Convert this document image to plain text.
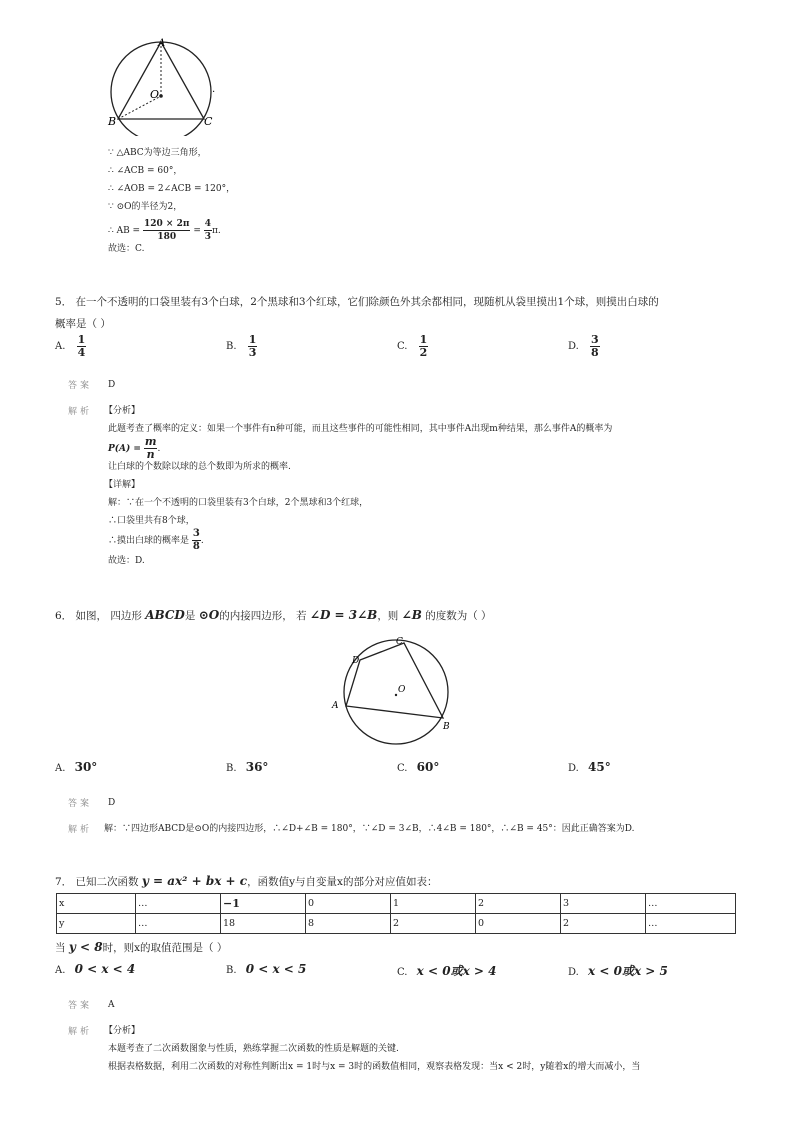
A
O
B	C
.
∵ △ABC为等边三角形，
∴ ∠ACB = 60°，
∴ ∠AOB = 2∠ACB = 120°，
∵ ⊙O的半径为2，
∴ AB = $\frac{120 \times 2\pi}{180} = \frac{4}{3} \pi$.
故选：C.
5． 在一个不透明的口袋里装有3个白球，2个黑球和3个红球，它们除颜色外其余都相同，现随机从袋里摸出1个球，则摸出白球的
概率是（ ）
A. $\frac{1}{4}$	B. $\frac{1}{3}$	C. $\frac{1}{2}$	D. $\frac{3}{8}$
答案 D
解析 【分析】
此题考查了概率的定义：如果一个事件有n种可能，而且这些事件的可能性相同，其中事件A出现m种结果，那么事件A的概率为
$P(A) = \frac{m}{n}$ .
让白球的个数除以球的总个数即为所求的概率.
【详解】
解：∵在一个不透明的口袋里装有3个白球，2个黑球和3个红球，
∴口袋里共有8个球，
∴摸出白球的概率是 $\frac{3}{8}$ .
故选：D.
6． 如图， 四边形 ABCD是 ⊙O的内接四边形， 若 ∠D = 3∠B，则 ∠B 的度数为（ ）
A
B
C
D
O
A. 30°	B. 36°	C. 60°	D. 45°
答案 D
解析 解：∵四边形ABCD是⊙O的内接四边形，∴∠D+∠B = 180°，∵∠D = 3∠B，∴4∠B = 180°，∴∠B = 45°：因此正确答案为D.
7． 已知二次函数 y = ax² + bx + c，函数值y与自变量x的部分对应值如表：
x	…	−1	0	1	2	3	…
y	…	18	8	2	0	2	…
当 y < 8时，则x的取值范围是（ ）
A. 0 < x < 4	B. 0 < x < 5	C. x < 0或x > 4	D. x < 0或x > 5
答案 A
解析 【分析】
本题考查了二次函数图象与性质，熟练掌握二次函数的性质是解题的关键.
根据表格数据，利用二次函数的对称性判断出x = 1时与x = 3时的函数值相同，观察表格发现：当x < 2时，y随着x的增大而减小，当
